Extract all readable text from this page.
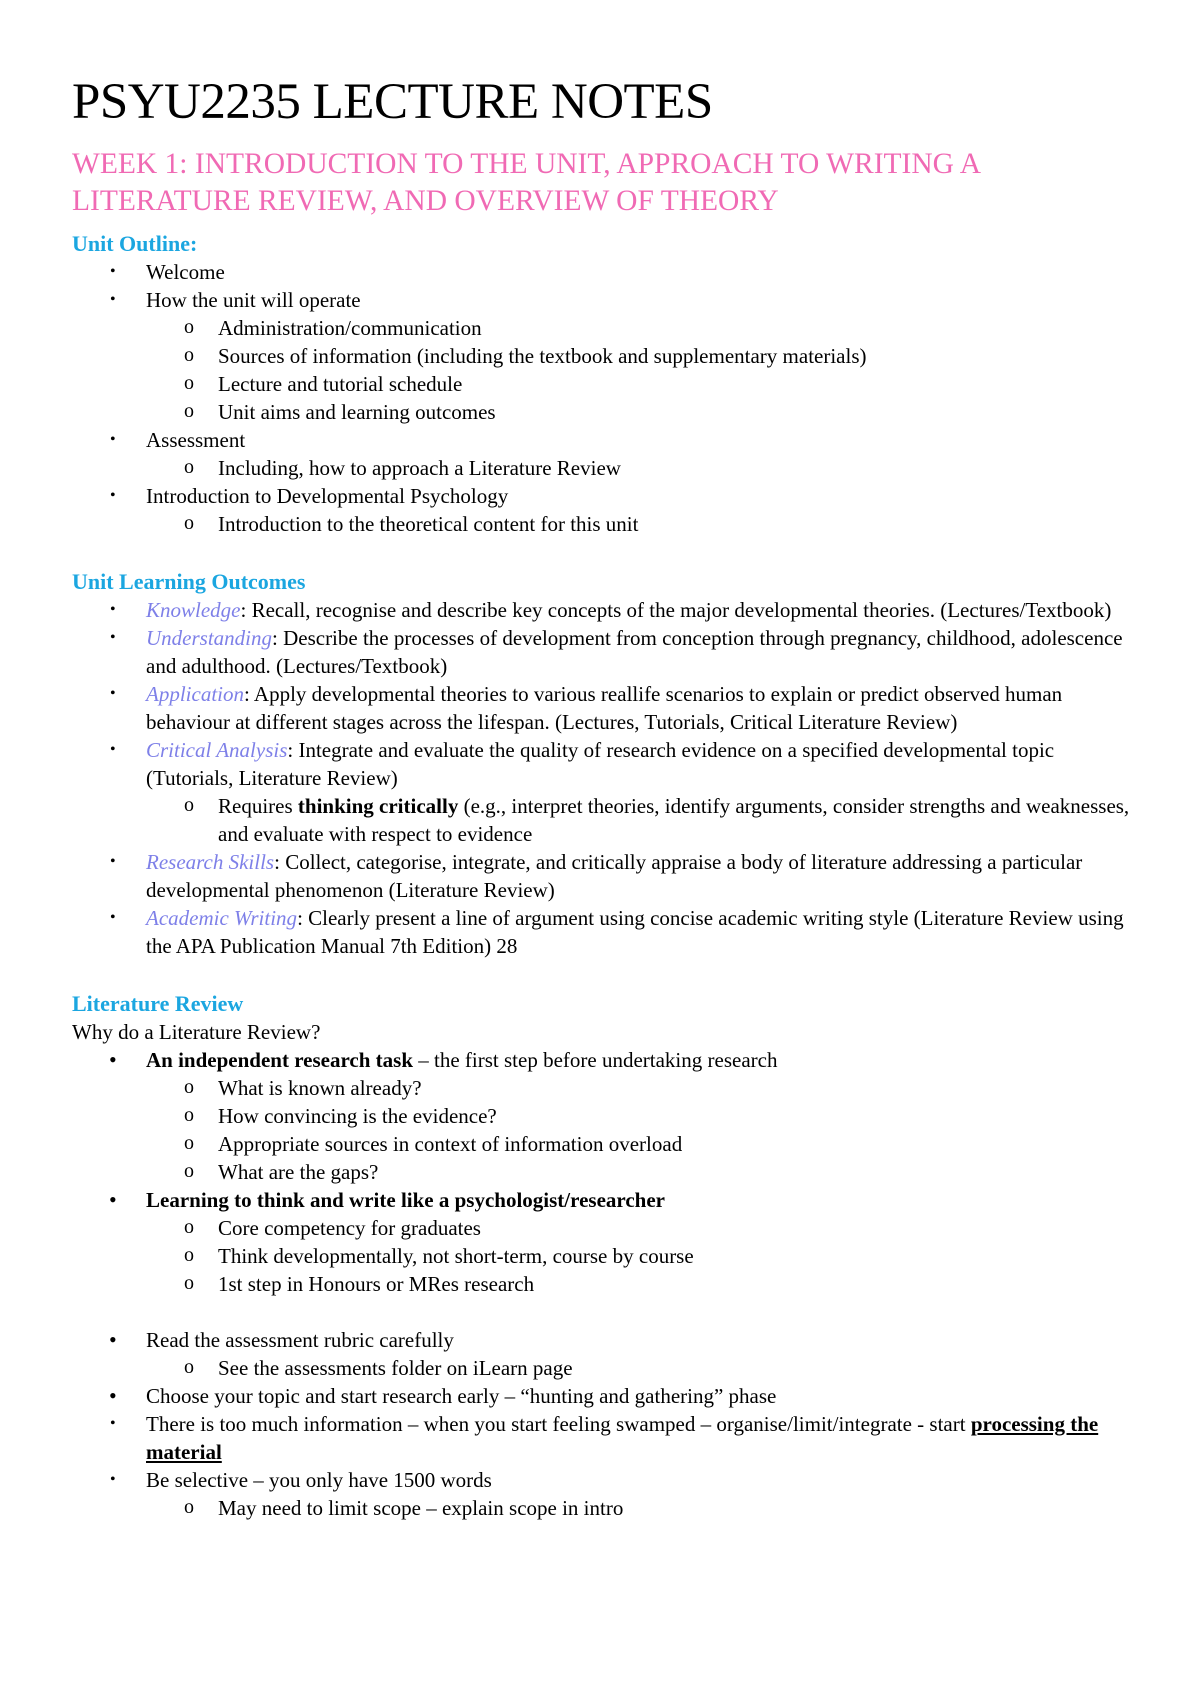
PSYU2235 LECTURE NOTES
WEEK 1: INTRODUCTION TO THE UNIT, APPROACH TO WRITING A LITERATURE REVIEW, AND OVERVIEW OF THEORY

Unit Outline:

• Welcome
• How the unit will operate
o Administration/communication
o Sources of information (including the textbook and supplementary materials)
o Lecture and tutorial schedule
o Unit aims and learning outcomes
• Assessment
o Including, how to approach a Literature Review
• Introduction to Developmental Psychology
o Introduction to the theoretical content for this unit

Unit Learning Outcomes

• Knowledge: Recall, recognise and describe key concepts of the major developmental theories. (Lectures/Textbook)
• Understanding: Describe the processes of development from conception through pregnancy, childhood, adolescence and adulthood. (Lectures/Textbook)
• Application: Apply developmental theories to various reallife scenarios to explain or predict observed human behaviour at different stages across the lifespan. (Lectures, Tutorials, Critical Literature Review)
• Critical Analysis: Integrate and evaluate the quality of research evidence on a specified developmental topic (Tutorials, Literature Review)
o Requires thinking critically (e.g., interpret theories, identify arguments, consider strengths and weaknesses, and evaluate with respect to evidence
• Research Skills: Collect, categorise, integrate, and critically appraise a body of literature addressing a particular developmental phenomenon (Literature Review)
• Academic Writing: Clearly present a line of argument using concise academic writing style (Literature Review using the APA Publication Manual 7th Edition) 28

Literature Review

Why do a Literature Review?

• An independent research task – the first step before undertaking research
o What is known already?
o How convincing is the evidence?
o Appropriate sources in context of information overload
o What are the gaps?
• Learning to think and write like a psychologist/researcher
o Core competency for graduates
o Think developmentally, not short-term, course by course
o 1st step in Honours or MRes research
• Read the assessment rubric carefully
o See the assessments folder on iLearn page
• Choose your topic and start research early – “hunting and gathering” phase
• There is too much information – when you start feeling swamped – organise/limit/integrate - start processing the material
• Be selective – you only have 1500 words
o May need to limit scope – explain scope in intro
